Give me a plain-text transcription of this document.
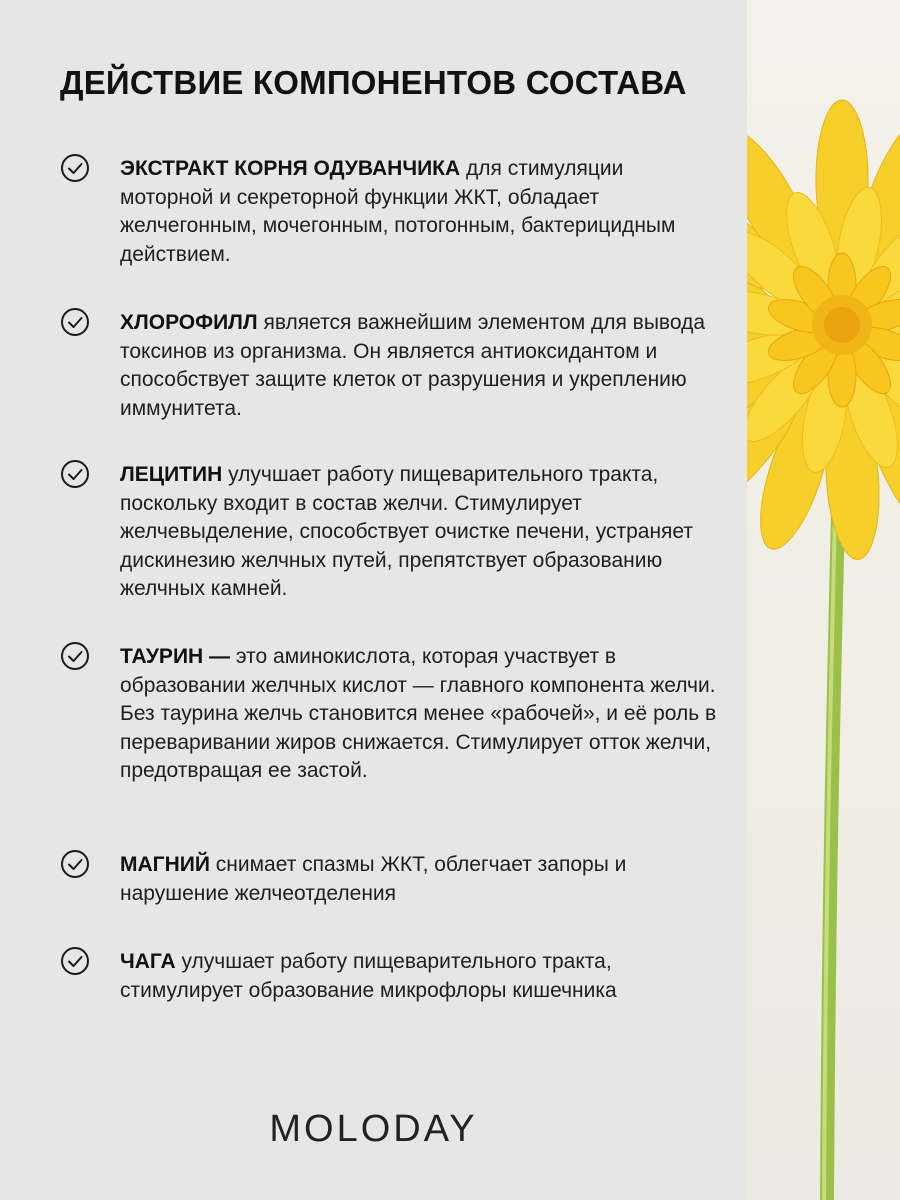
ДЕЙСТВИЕ КОМПОНЕНТОВ СОСТАВА
ЭКСТРАКТ КОРНЯ ОДУВАНЧИКА для стимуляции моторной и секреторной функции ЖКТ, обладает желчегонным, мочегонным, потогонным, бактерицидным действием.
ХЛОРОФИЛЛ является важнейшим элементом для вывода токсинов из организма. Он является антиоксидантом и способствует защите клеток от разрушения и укреплению иммунитета.
ЛЕЦИТИН улучшает работу пищеварительного тракта, поскольку входит в состав желчи. Стимулирует желчевыделение, способствует очистке печени, устраняет дискинезию желчных путей, препятствует образованию желчных камней.
ТАУРИН — это аминокислота, которая участвует в образовании желчных кислот — главного компонента желчи. Без таурина желчь становится менее «рабочей», и её роль в переваривании жиров снижается. Стимулирует отток желчи, предотвращая ее застой.
МАГНИЙ снимает спазмы ЖКТ, облегчает запоры и нарушение желчеотделения
ЧАГА улучшает работу пищеварительного тракта, стимулирует образование микрофлоры кишечника
MOLODAY
